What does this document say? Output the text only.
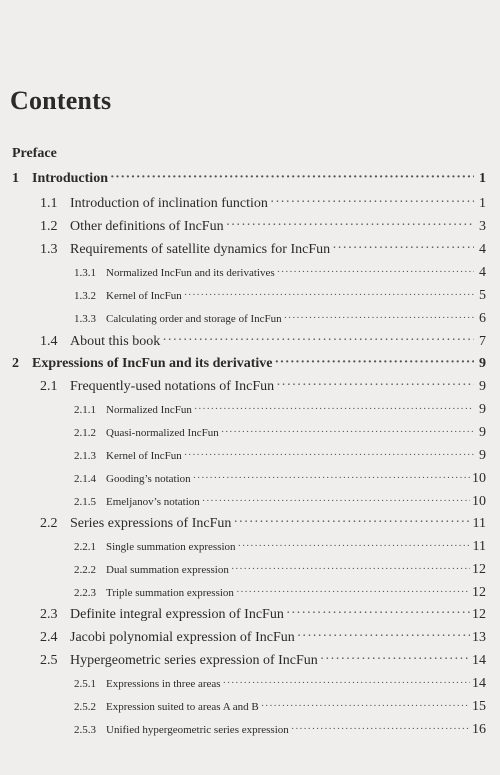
Contents
Preface
1 Introduction ·····	1
1.1 Introduction of inclination function ·····	1
1.2 Other definitions of IncFun ·····	3
1.3 Requirements of satellite dynamics for IncFun ·····	4
1.3.1 Normalized IncFun and its derivatives ·····	4
1.3.2 Kernel of IncFun ·····	5
1.3.3 Calculating order and storage of IncFun ·····	6
1.4 About this book ·····	7
2 Expressions of IncFun and its derivative ·····	9
2.1 Frequently-used notations of IncFun ·····	9
2.1.1 Normalized IncFun ·····	9
2.1.2 Quasi-normalized IncFun ·····	9
2.1.3 Kernel of IncFun ·····	9
2.1.4 Gooding’s notation ·····	10
2.1.5 Emeljanov’s notation ·····	10
2.2 Series expressions of IncFun ·····	11
2.2.1 Single summation expression ·····	11
2.2.2 Dual summation expression ·····	12
2.2.3 Triple summation expression ·····	12
2.3 Definite integral expression of IncFun ·····	12
2.4 Jacobi polynomial expression of IncFun ·····	13
2.5 Hypergeometric series expression of IncFun ·····	14
2.5.1 Expressions in three areas ·····	14
2.5.2 Expression suited to areas A and B ·····	15
2.5.3 Unified hypergeometric series expression ·····	16
